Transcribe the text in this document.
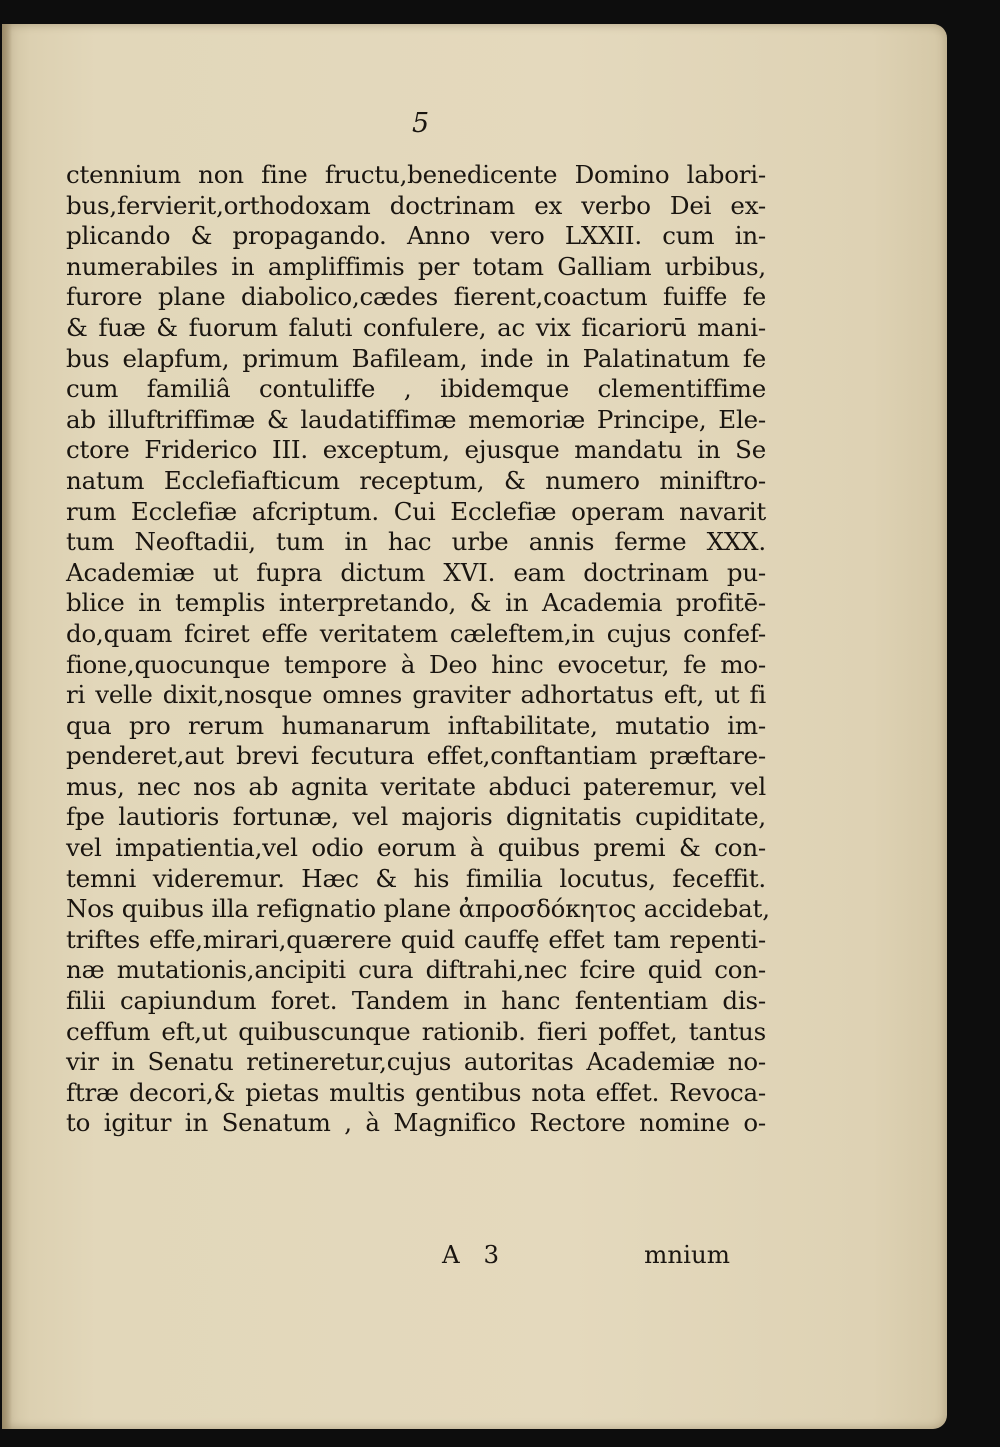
5
ctennium non fine fructu,benedicente Domino labori-
bus,fervierit,orthodoxam doctrinam ex verbo Dei ex-
plicando & propagando. Anno vero LXXII. cum in-
numerabiles in ampliffimis per totam Galliam urbibus,
furore plane diabolico,cædes fierent,coactum fuiffe fe
& fuæ & fuorum faluti confulere, ac vix ficariorū mani-
bus elapfum, primum Bafileam, inde in Palatinatum fe
cum familiâ contuliffe , ibidemque clementiffime
ab illuftriffimæ & laudatiffimæ memoriæ Principe, Ele-
ctore Friderico III. exceptum, ejusque mandatu in Se
natum Ecclefiafticum receptum, & numero miniftro-
rum Ecclefiæ afcriptum. Cui Ecclefiæ operam navarit
tum Neoftadii, tum in hac urbe annis ferme XXX.
Academiæ ut fupra dictum XVI. eam doctrinam pu-
blice in templis interpretando, & in Academia profitē-
do,quam fciret effe veritatem cæleftem,in cujus confef-
fione,quocunque tempore à Deo hinc evocetur, fe mo-
ri velle dixit,nosque omnes graviter adhortatus eft, ut fi
qua pro rerum humanarum inftabilitate, mutatio im-
penderet,aut brevi fecutura effet,conftantiam præftare-
mus, nec nos ab agnita veritate abduci pateremur, vel
fpe lautioris fortunæ, vel majoris dignitatis cupiditate,
vel impatientia,vel odio eorum à quibus premi & con-
temni videremur. Hæc & his fimilia locutus, feceffit.
Nos quibus illa refignatio plane ἀπροσδόκητος accidebat,
triftes effe,mirari,quærere quid cauffę effet tam repenti-
næ mutationis,ancipiti cura diftrahi,nec fcire quid con-
filii capiundum foret. Tandem in hanc fententiam dis-
ceffum eft,ut quibuscunque rationib. fieri poffet, tantus
vir in Senatu retineretur,cujus autoritas Academiæ no-
ftræ decori,& pietas multis gentibus nota effet. Revoca-
to igitur in Senatum , à Magnifico Rectore nomine o-
A 3	mnium
